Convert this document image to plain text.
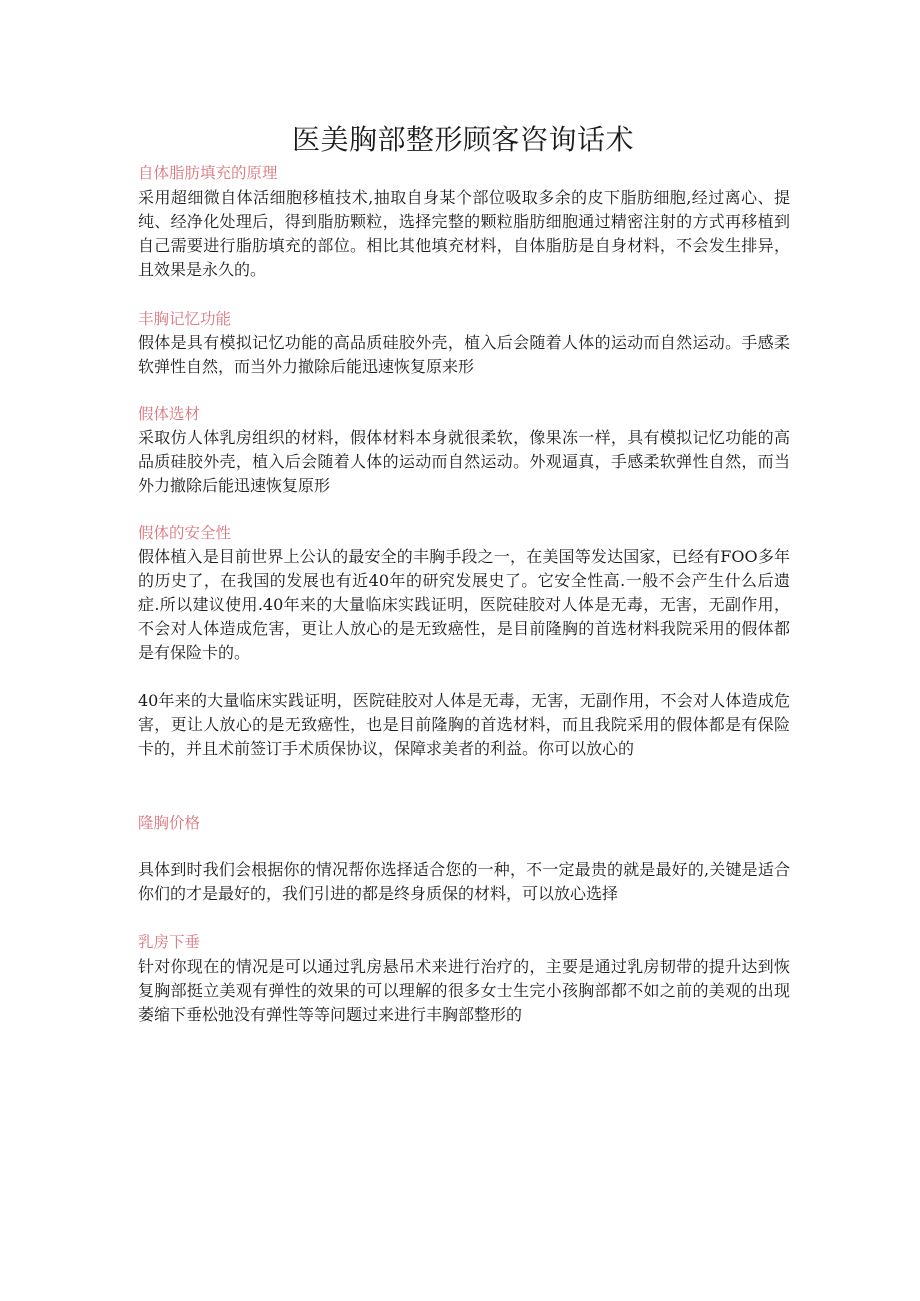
医美胸部整形顾客咨询话术
自体脂肪填充的原理

采用超细微自体活细胞移植技术,抽取自身某个部位吸取多余的皮下脂肪细胞,经过离心、提纯、经净化处理后，得到脂肪颗粒，选择完整的颗粒脂肪细胞通过精密注射的方式再移植到自己需要进行脂肪填充的部位。相比其他填充材料，自体脂肪是自身材料，不会发生排异，且效果是永久的。

丰胸记忆功能

假体是具有模拟记忆功能的高品质硅胶外壳，植入后会随着人体的运动而自然运动。手感柔软弹性自然，而当外力撤除后能迅速恢复原来形

假体选材

采取仿人体乳房组织的材料，假体材料本身就很柔软，像果冻一样，具有模拟记忆功能的高品质硅胶外壳，植入后会随着人体的运动而自然运动。外观逼真，手感柔软弹性自然，而当外力撤除后能迅速恢复原形

假体的安全性

假体植入是目前世界上公认的最安全的丰胸手段之一，在美国等发达国家，已经有FOO多年的历史了，在我国的发展也有近40年的研究发展史了。它安全性高.一般不会产生什么后遗症.所以建议使用.40年来的大量临床实践证明，医院硅胶对人体是无毒，无害，无副作用，不会对人体造成危害，更让人放心的是无致癌性，是目前隆胸的首选材料我院采用的假体都是有保险卡的。

40年来的大量临床实践证明，医院硅胶对人体是无毒，无害，无副作用，不会对人体造成危害，更让人放心的是无致癌性，也是目前隆胸的首选材料，而且我院采用的假体都是有保险卡的，并且术前签订手术质保协议，保障求美者的利益。你可以放心的

隆胸价格

具体到时我们会根据你的情况帮你选择适合您的一种，不一定最贵的就是最好的,关键是适合你们的才是最好的，我们引进的都是终身质保的材料，可以放心选择

乳房下垂

针对你现在的情况是可以通过乳房悬吊术来进行治疗的，主要是通过乳房韧带的提升达到恢复胸部挺立美观有弹性的效果的可以理解的很多女士生完小孩胸部都不如之前的美观的出现萎缩下垂松弛没有弹性等等问题过来进行丰胸部整形的
